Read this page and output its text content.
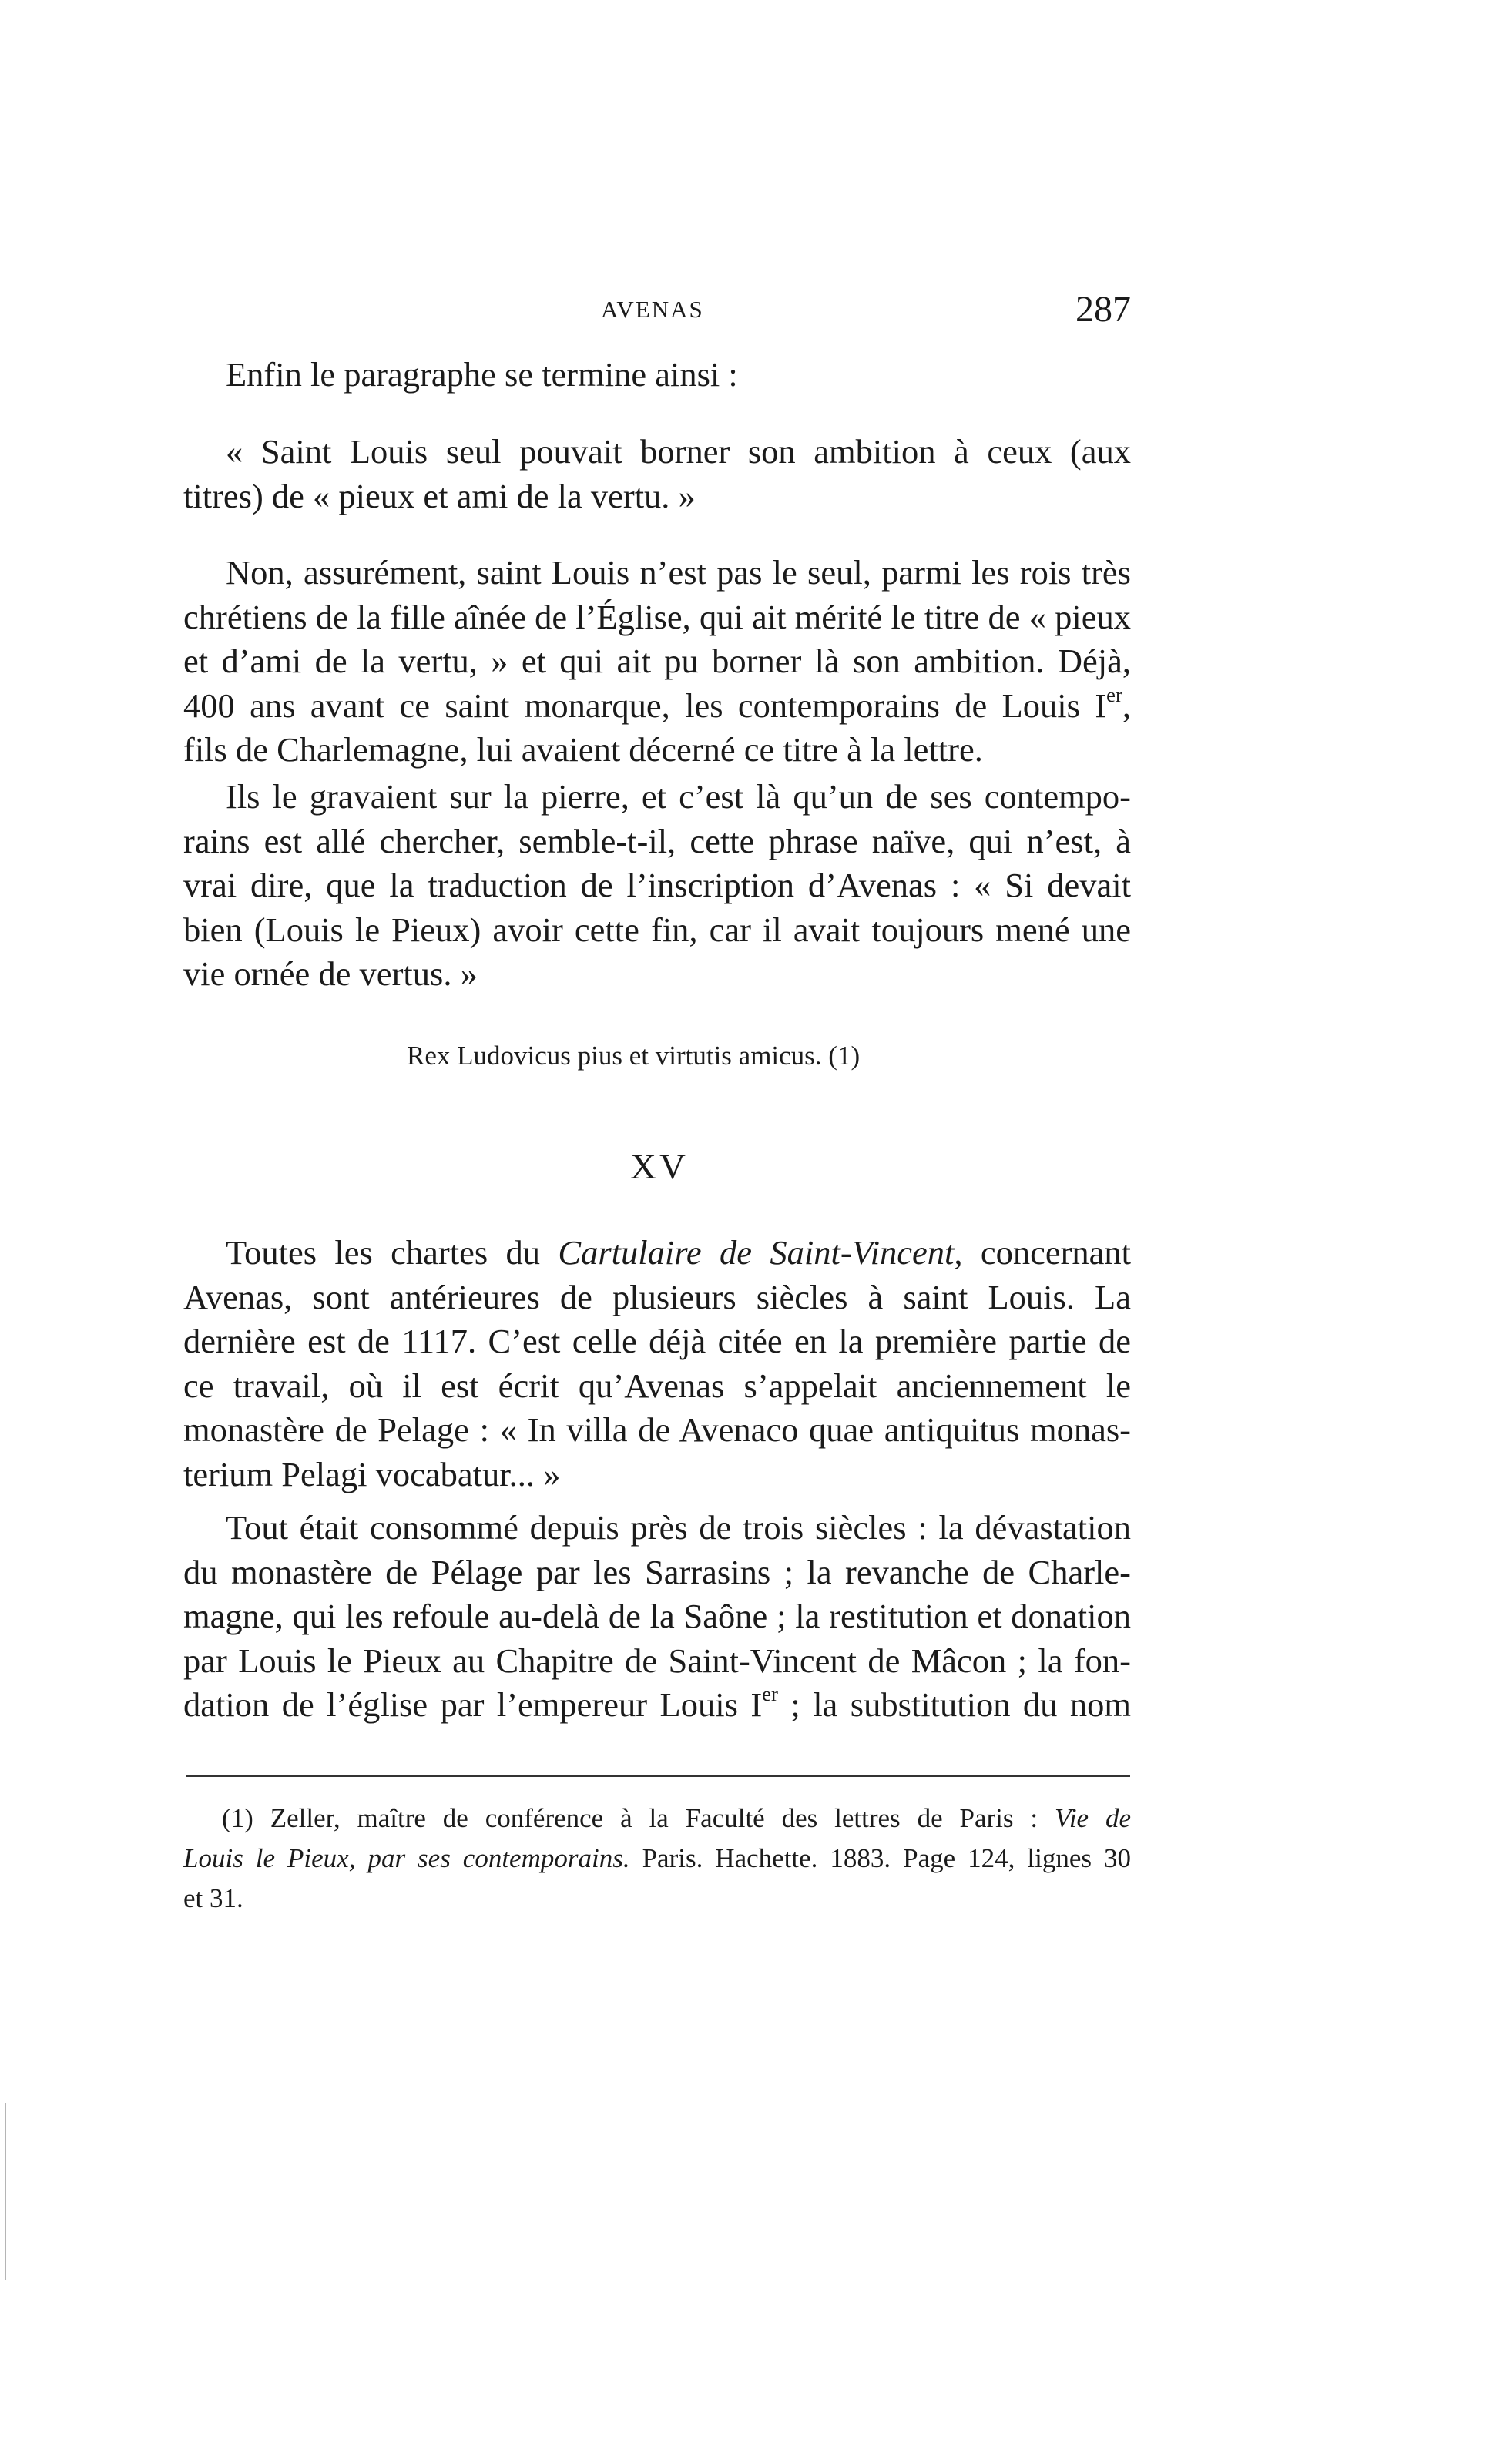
AVENAS	287
Enfin le paragraphe se termine ainsi :
« Saint Louis seul pouvait borner son ambition à ceux (aux
titres) de « pieux et ami de la vertu. »
Non, assurément, saint Louis n’est pas le seul, parmi les rois très
chrétiens de la fille aînée de l’Église, qui ait mérité le titre de « pieux
et d’ami de la vertu, » et qui ait pu borner là son ambition. Déjà,
400 ans avant ce saint monarque, les contemporains de Louis Ier,
fils de Charlemagne, lui avaient décerné ce titre à la lettre.
Ils le gravaient sur la pierre, et c’est là qu’un de ses contempo-
rains est allé chercher, semble-t-il, cette phrase naïve, qui n’est, à
vrai dire, que la traduction de l’inscription d’Avenas : « Si devait
bien (Louis le Pieux) avoir cette fin, car il avait toujours mené une
vie ornée de vertus. »
Rex Ludovicus pius et virtutis amicus. (1)
XV
Toutes les chartes du Cartulaire de Saint-Vincent, concernant
Avenas, sont antérieures de plusieurs siècles à saint Louis. La
dernière est de 1117. C’est celle déjà citée en la première partie de
ce travail, où il est écrit qu’Avenas s’appelait anciennement le
monastère de Pelage : « In villa de Avenaco quae antiquitus monas-
terium Pelagi vocabatur... »
Tout était consommé depuis près de trois siècles : la dévastation
du monastère de Pélage par les Sarrasins ; la revanche de Charle-
magne, qui les refoule au-delà de la Saône ; la restitution et donation
par Louis le Pieux au Chapitre de Saint-Vincent de Mâcon ; la fon-
dation de l’église par l’empereur Louis Ier ; la substitution du nom
(1) Zeller, maître de conférence à la Faculté des lettres de Paris : Vie de
Louis le Pieux, par ses contemporains. Paris. Hachette. 1883. Page 124, lignes 30
et 31.
